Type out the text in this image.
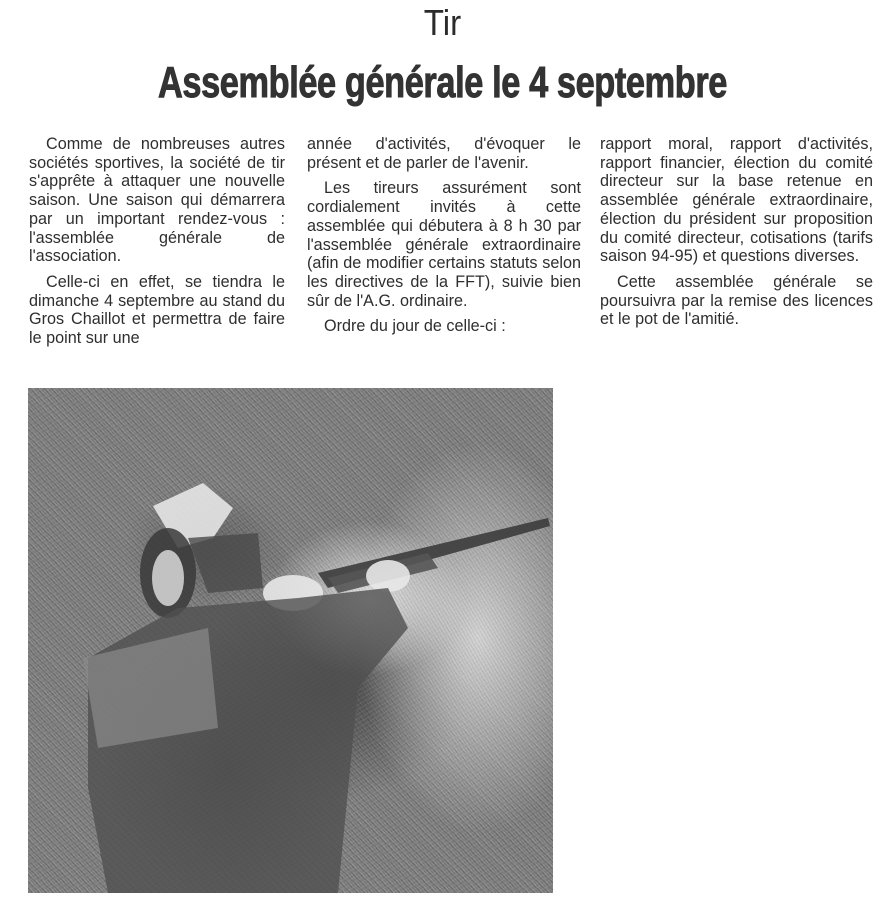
Tir
Assemblée générale le 4 septembre

Comme de nombreuses autres sociétés sportives, la société de tir s'apprête à attaquer une nouvelle saison. Une saison qui démarrera par un important rendez-vous : l'assemblée générale de l'association.

Celle-ci en effet, se tiendra le dimanche 4 septembre au stand du Gros Chaillot et permettra de faire le point sur une

année d'activités, d'évoquer le présent et de parler de l'avenir.

Les tireurs assurément sont cordialement invités à cette assemblée qui débutera à 8 h 30 par l'assemblée générale extraordinaire (afin de modifier certains statuts selon les directives de la FFT), suivie bien sûr de l'A.G. ordinaire.

Ordre du jour de celle-ci :

rapport moral, rapport d'activités, rapport financier, élection du comité directeur sur la base retenue en assemblée générale extraordinaire, élection du président sur proposition du comité directeur, cotisations (tarifs saison 94-95) et questions diverses.

Cette assemblée générale se poursuivra par la remise des licences et le pot de l'amitié.
